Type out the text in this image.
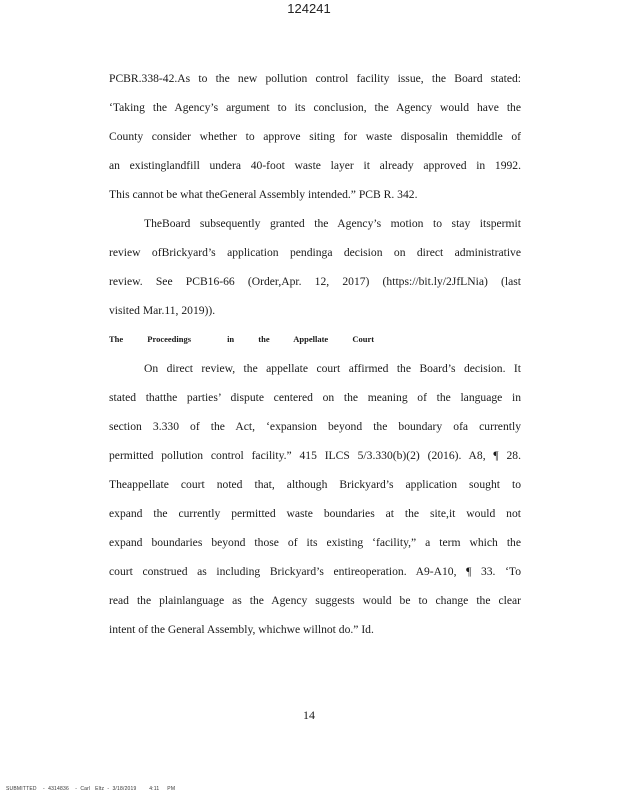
124241
PCBR.338-42.As to the new pollution control facility issue, the Board stated:
‘Taking the Agency’s argument to its conclusion, the Agency would have the
County consider whether to approve siting for waste disposalin themiddle of
an existinglandfill undera 40-foot waste layer it already approved in 1992.
This cannot be what theGeneral Assembly intended.” PCB R. 342.
TheBoard subsequently granted the Agency’s motion to stay itspermit
review ofBrickyard’s application pendinga decision on direct administrative
review. See PCB16-66 (Order,Apr. 12, 2017) (https://bit.ly/2JfLNia) (last
visited Mar.11, 2019)).
The Proceedings	in the Appellate Court
On direct review, the appellate court affirmed the Board’s decision. It
stated thatthe parties’ dispute centered on the meaning of the language in
section 3.330 of the Act, ‘expansion beyond the boundary ofa currently
permitted pollution control facility.” 415 ILCS 5/3.330(b)(2) (2016). A8, ¶ 28.
Theappellate court noted that, although Brickyard’s application sought to
expand the currently permitted waste boundaries at the site,it would not
expand boundaries beyond those of its existing ‘facility,” a term which the
court construed as including Brickyard’s entireoperation. A9-A10, ¶ 33. ‘To
read the plainlanguage as the Agency suggests would be to change the clear
intent of the General Assembly, whichwe willnot do.” Id.
14
SUBMITTED    -  4314836    -  Carl   Eltz  -  3/18/2019        4:11     PM
